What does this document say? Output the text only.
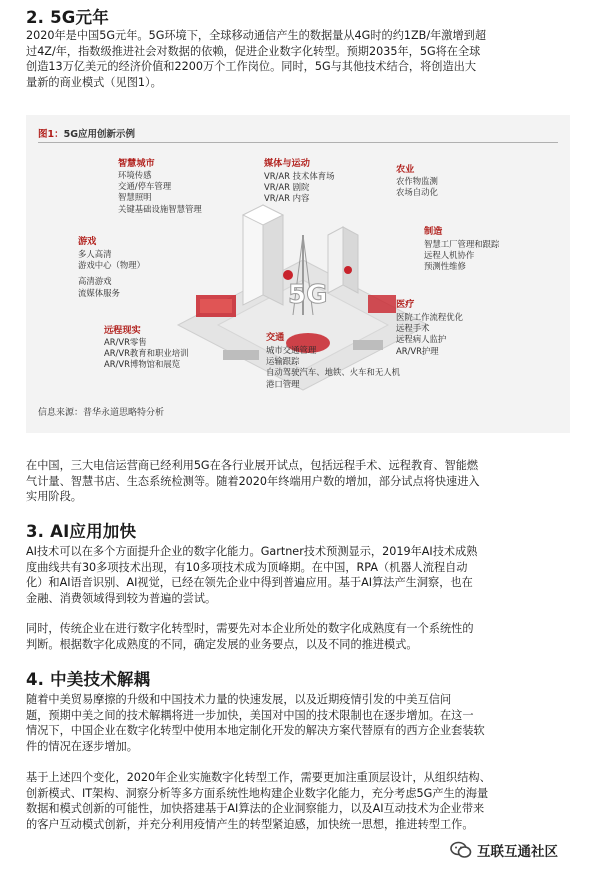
2. 5G元年
2020年是中国5G元年。5G环境下，全球移动通信产生的数据量从4G时的约1ZB/年激增到超
过4Z/年，指数级推进社会对数据的依赖，促进企业数字化转型。预期2035年，5G将在全球
创造13万亿美元的经济价值和2200万个工作岗位。同时，5G与其他技术结合，将创造出大
量新的商业模式（见图1）。
图1：5G应用创新示例
5G
智慧城市
环境传感
交通/停车管理
智慧照明
关键基础设施智慧管理
游戏
多人高清
游戏中心（物理）
高清游戏
流媒体服务
远程现实
AR/VR零售
AR/VR教育和职业培训
AR/VR博物馆和展览
媒体与运动
VR/AR 技术体育场
VR/AR 剧院
VR/AR 内容
交通
城市交通管理
运输跟踪
自动驾驶汽车、地铁、火车和无人机
港口管理
农业
农作物监测
农场自动化
制造
智慧工厂管理和跟踪
远程人机协作
预测性维修
医疗
医院工作流程优化
远程手术
远程病人监护
AR/VR护理
信息来源：普华永道思略特分析
在中国，三大电信运营商已经利用5G在各行业展开试点，包括远程手术、远程教育、智能燃
气计量、智慧书店、生态系统检测等。随着2020年终端用户数的增加，部分试点将快速进入
实用阶段。
3. AI应用加快
AI技术可以在多个方面提升企业的数字化能力。Gartner技术预测显示，2019年AI技术成熟
度曲线共有30多项技术出现，有10多项技术成为顶峰期。在中国，RPA（机器人流程自动
化）和AI语音识别、AI视觉，已经在领先企业中得到普遍应用。基于AI算法产生洞察，也在
金融、消费领域得到较为普遍的尝试。
同时，传统企业在进行数字化转型时，需要先对本企业所处的数字化成熟度有一个系统性的
判断。根据数字化成熟度的不同，确定发展的业务要点，以及不同的推进模式。
4. 中美技术解耦
随着中美贸易摩擦的升级和中国技术力量的快速发展，以及近期疫情引发的中美互信问
题，预期中美之间的技术解耦将进一步加快，美国对中国的技术限制也在逐步增加。在这一
情况下，中国企业在数字化转型中使用本地定制化开发的解决方案代替原有的西方企业套装软
件的情况在逐步增加。
基于上述四个变化，2020年企业实施数字化转型工作，需要更加注重顶层设计，从组织结构、
创新模式、IT架构、洞察分析等多方面系统性地构建企业数字化能力，充分考虑5G产生的海量
数据和模式创新的可能性，加快搭建基于AI算法的企业洞察能力，以及AI互动技术为企业带来
的客户互动模式创新，并充分利用疫情产生的转型紧迫感，加快统一思想，推进转型工作。
互联互通社区
